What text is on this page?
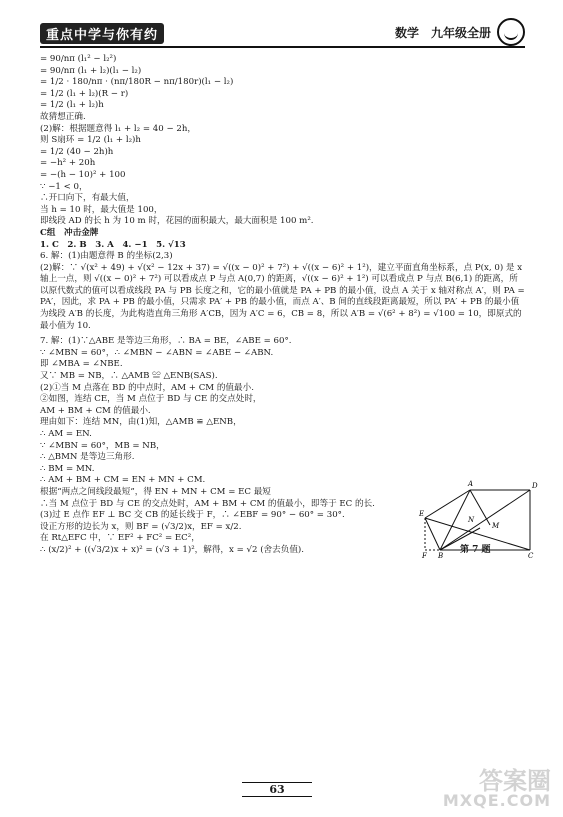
重点中学与你有约	数学　九年级全册
= 90/nπ (l₁² − l₂²)
= 90/nπ (l₁ + l₂)(l₁ − l₂)
= 1/2 · 180/nπ · (nπ/180R − nπ/180r)(l₁ − l₂)
= 1/2 (l₁ + l₂)(R − r)
= 1/2 (l₁ + l₂)h
故猜想正确.
(2)解：根据题意得 l₁ + l₂ = 40 − 2h，
则 S扇环 = 1/2 (l₁ + l₂)h
= 1/2 (40 − 2h)h
= −h² + 20h
= −(h − 10)² + 100
∵ −1 < 0，
∴开口向下，有最大值，
当 h = 10 时，最大值是 100，
即线段 AD 的长 h 为 10 m 时，花园的面积最大，最大面积是 100 m².
C组　冲击金牌
1. C　2. B　3. A　4. −1　5. √13
6. 解：(1)由题意得 B 的坐标(2,3)
(2)解：∵ √(x² + 49) + √(x² − 12x + 37) = √((x − 0)² + 7²) + √((x − 6)² + 1²)，建立平面直角坐标系，点 P(x, 0) 是 x 轴上一点，则 √((x − 0)² + 7²) 可以看成点 P 与点 A(0,7) 的距离，√((x − 6)² + 1²) 可以看成点 P 与点 B(6,1) 的距离，所以原代数式的值可以看成线段 PA 与 PB 长度之和，它的最小值就是 PA + PB 的最小值，设点 A 关于 x 轴对称点 A′，则 PA = PA′，因此，求 PA + PB 的最小值，只需求 PA′ + PB 的最小值，而点 A′、B 间的直线段距离最短，所以 PA′ + PB 的最小值为线段 A′B 的长度，为此构造直角三角形 A′CB，因为 A′C = 6，CB = 8，所以 A′B = √(6² + 8²) = √100 = 10，即原式的最小值为 10.
7. 解：(1)∵△ABE 是等边三角形，∴ BA = BE，∠ABE = 60°.
∵ ∠MBN = 60°，∴ ∠MBN − ∠ABN = ∠ABE − ∠ABN.
即 ∠MBA = ∠NBE.
又∵ MB = NB，∴ △AMB ≌ △ENB(SAS).
(2)①当 M 点落在 BD 的中点时，AM + CM 的值最小.
②如图，连结 CE，当 M 点位于 BD 与 CE 的交点处时，
AM + BM + CM 的值最小.
理由如下：连结 MN，由(1)知，△AMB ≌ △ENB，
∴ AM = EN.
∵ ∠MBN = 60°，MB = NB，
∴ △BMN 是等边三角形.
∴ BM = MN.
∴ AM + BM + CM = EN + MN + CM.
根据“两点之间线段最短”，得 EN + MN + CM = EC 最短
∴当 M 点位于 BD 与 CE 的交点处时，AM + BM + CM 的值最小，即等于 EC 的长.
(3)过 E 点作 EF ⊥ BC 交 CB 的延长线于 F，∴ ∠EBF = 90° − 60° = 30°.
设正方形的边长为 x，则 BF = (√3/2)x，EF = x/2.
在 Rt△EFC 中，∵ EF² + FC² = EC²，
∴ (x/2)² + ((√3/2)x + x)² = (√3 + 1)²，解得，x = √2 (舍去负值).
A	D
E
N
M
F B	C
第 7 题
63	答案圈
MXQE.COM
